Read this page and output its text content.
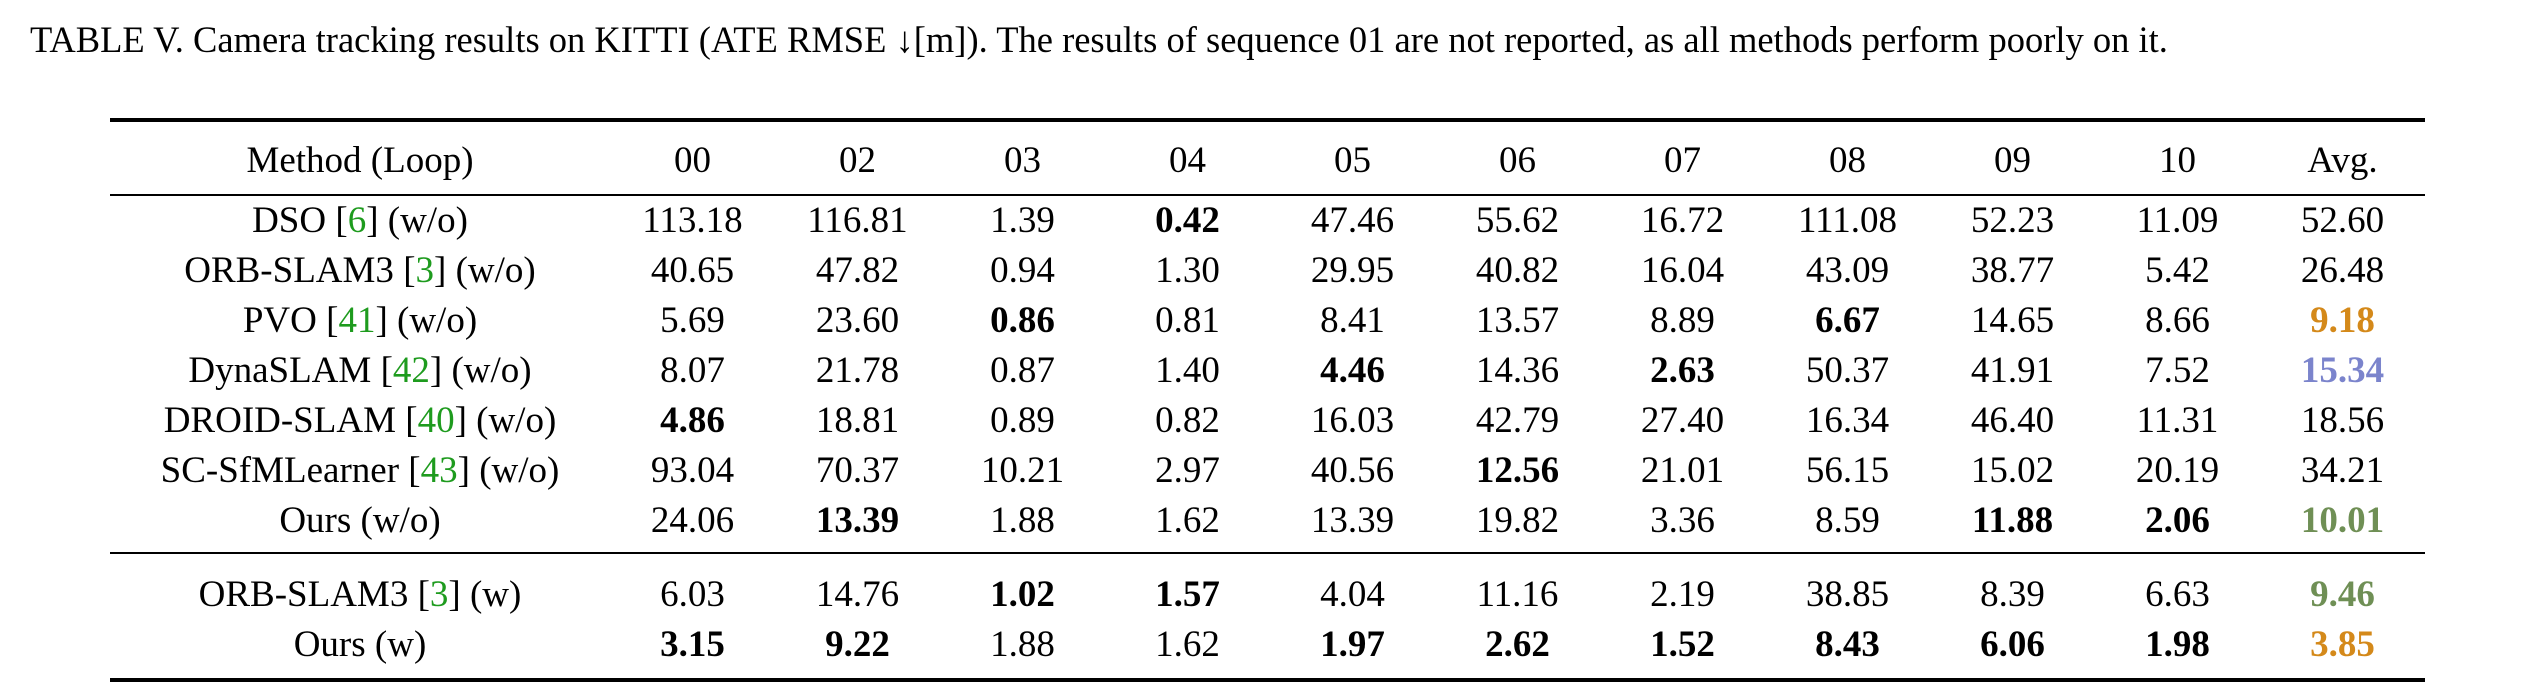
TABLE V. Camera tracking results on KITTI (ATE RMSE ↓[m]). The results of sequence 01 are not reported, as all methods perform poorly on it.
Method (Loop)	00	02	03	04	05	06	07	08	09	10	Avg.
DSO [6] (w/o)	113.18	116.81	1.39	0.42	47.46	55.62	16.72	111.08	52.23	11.09	52.60
ORB-SLAM3 [3] (w/o)	40.65	47.82	0.94	1.30	29.95	40.82	16.04	43.09	38.77	5.42	26.48
PVO [41] (w/o)	5.69	23.60	0.86	0.81	8.41	13.57	8.89	6.67	14.65	8.66	9.18
DynaSLAM [42] (w/o)	8.07	21.78	0.87	1.40	4.46	14.36	2.63	50.37	41.91	7.52	15.34
DROID-SLAM [40] (w/o)	4.86	18.81	0.89	0.82	16.03	42.79	27.40	16.34	46.40	11.31	18.56
SC-SfMLearner [43] (w/o)	93.04	70.37	10.21	2.97	40.56	12.56	21.01	56.15	15.02	20.19	34.21
Ours (w/o)	24.06	13.39	1.88	1.62	13.39	19.82	3.36	8.59	11.88	2.06	10.01
ORB-SLAM3 [3] (w)	6.03	14.76	1.02	1.57	4.04	11.16	2.19	38.85	8.39	6.63	9.46
Ours (w)	3.15	9.22	1.88	1.62	1.97	2.62	1.52	8.43	6.06	1.98	3.85
